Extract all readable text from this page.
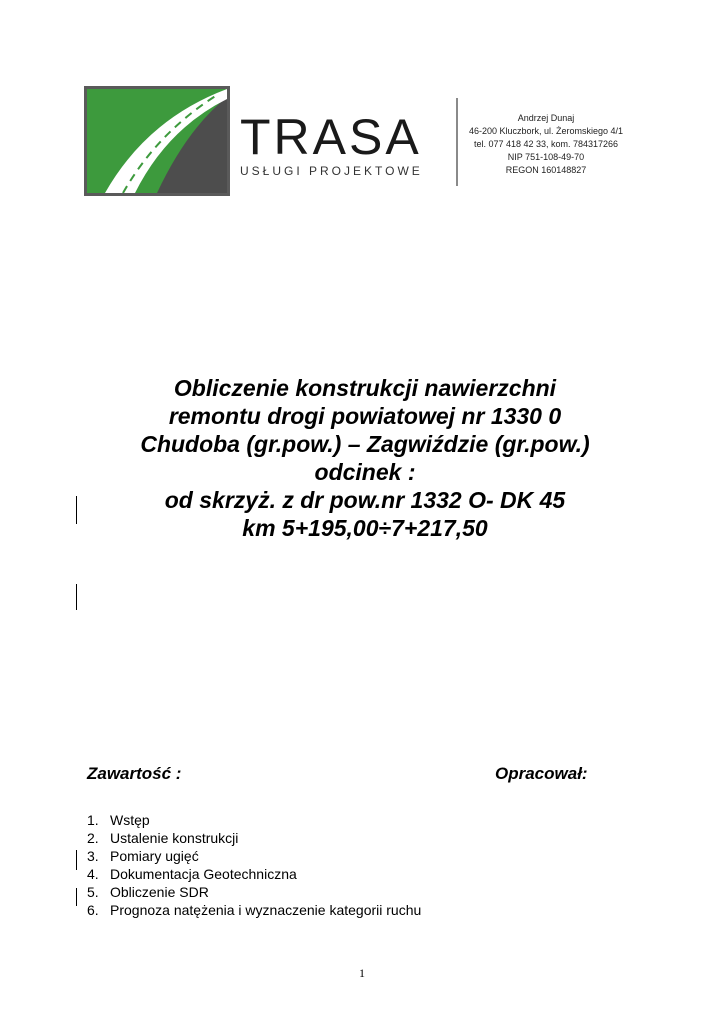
TRASA
USŁUGI PROJEKTOWE
Andrzej Dunaj
46-200 Kluczbork, ul. Żeromskiego 4/1
tel. 077 418 42 33, kom. 784317266
NIP 751-108-49-70
REGON 160148827
Obliczenie konstrukcji nawierzchni
remontu drogi powiatowej nr 1330 0
Chudoba (gr.pow.) – Zagwiździe (gr.pow.)
odcinek :
od skrzyż. z dr pow.nr 1332 O- DK 45
km 5+195,00÷7+217,50
Zawartość :	Opracował:
1. Wstęp
2. Ustalenie konstrukcji
3. Pomiary ugięć
4. Dokumentacja Geotechniczna
5. Obliczenie SDR
6. Prognoza natężenia i wyznaczenie kategorii ruchu
1
